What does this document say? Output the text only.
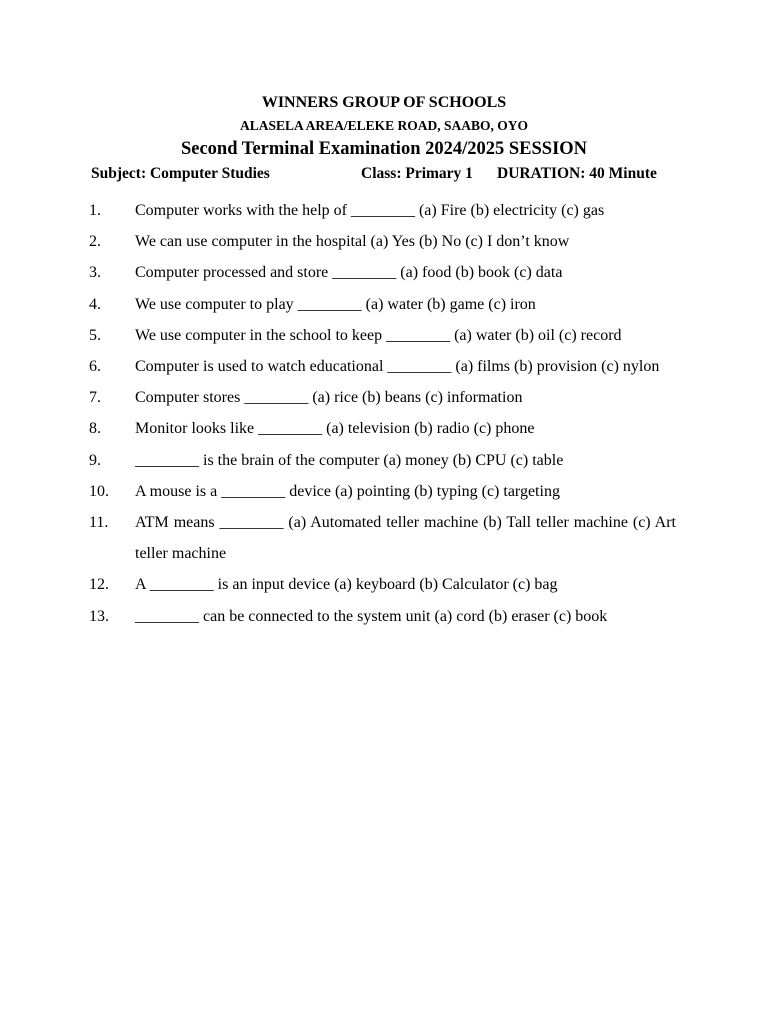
WINNERS GROUP OF SCHOOLS
ALASELA AREA/ELEKE ROAD, SAABO, OYO
Second Terminal Examination 2024/2025 SESSION
Subject: Computer Studies	Class: Primary 1 DURATION: 40 Minute
1. Computer works with the help of ________ (a) Fire (b) electricity (c) gas
2. We can use computer in the hospital (a) Yes (b) No (c) I don’t know
3. Computer processed and store ________ (a) food (b) book (c) data
4. We use computer to play ________ (a) water (b) game (c) iron
5. We use computer in the school to keep ________ (a) water (b) oil (c) record
6. Computer is used to watch educational ________ (a) films (b) provision (c) nylon
7. Computer stores ________ (a) rice (b) beans (c) information
8. Monitor looks like ________ (a) television (b) radio (c) phone
9. ________ is the brain of the computer (a) money (b) CPU (c) table
10. A mouse is a ________ device (a) pointing (b) typing (c) targeting
11. ATM means ________ (a) Automated teller machine (b) Tall teller machine (c) Art teller machine
12. A ________ is an input device (a) keyboard (b) Calculator (c) bag
13. ________ can be connected to the system unit (a) cord (b) eraser (c) book
